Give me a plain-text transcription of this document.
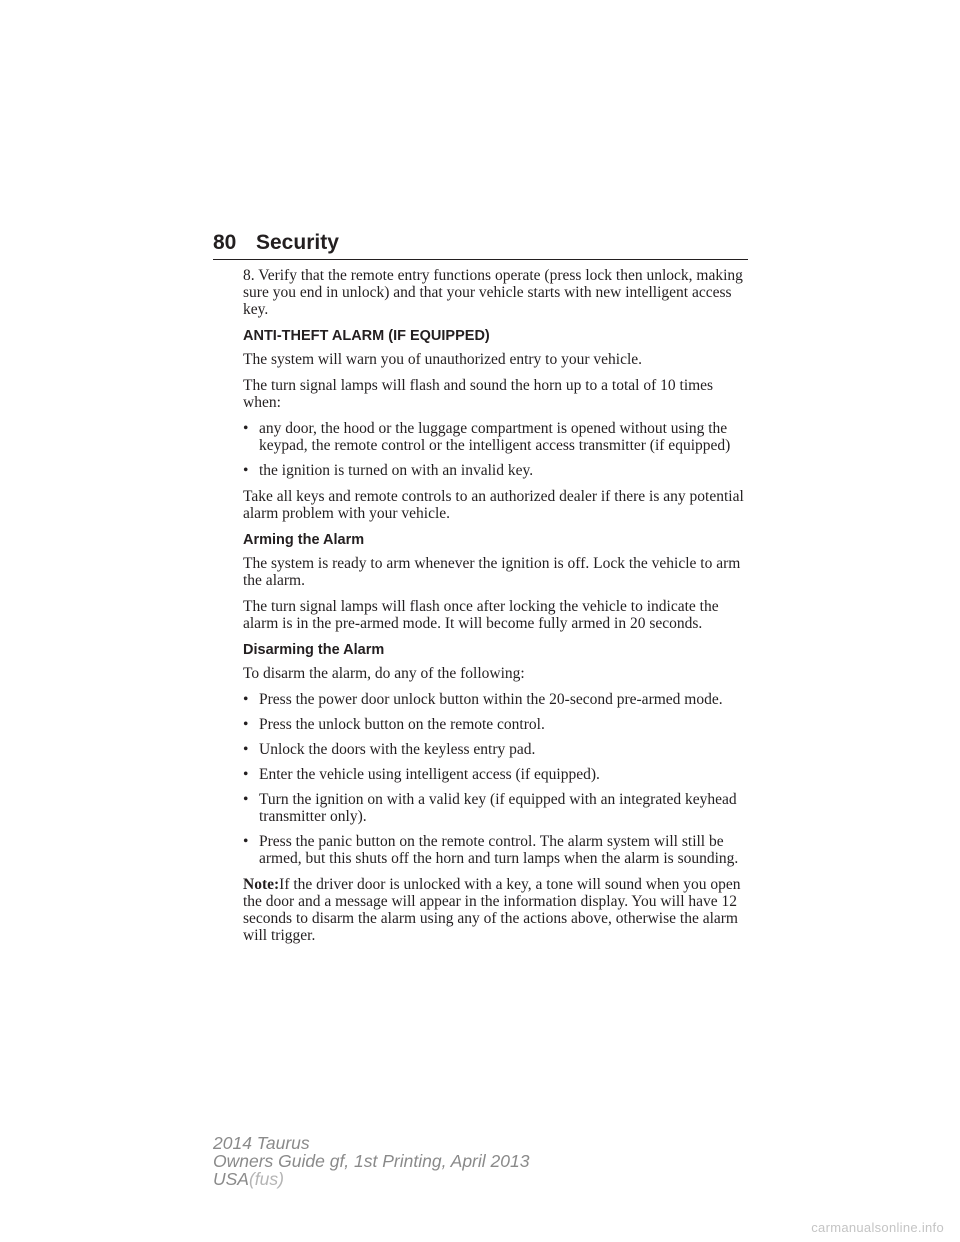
80 Security

8. Verify that the remote entry functions operate (press lock then unlock, making sure you end in unlock) and that your vehicle starts with new intelligent access key.

ANTI-THEFT ALARM (IF EQUIPPED)

The system will warn you of unauthorized entry to your vehicle.

The turn signal lamps will flash and sound the horn up to a total of 10 times when:

• any door, the hood or the luggage compartment is opened without using the keypad, the remote control or the intelligent access transmitter (if equipped)
• the ignition is turned on with an invalid key.

Take all keys and remote controls to an authorized dealer if there is any potential alarm problem with your vehicle.

Arming the Alarm

The system is ready to arm whenever the ignition is off. Lock the vehicle to arm the alarm.

The turn signal lamps will flash once after locking the vehicle to indicate the alarm is in the pre-armed mode. It will become fully armed in 20 seconds.

Disarming the Alarm

To disarm the alarm, do any of the following:

• Press the power door unlock button within the 20-second pre-armed mode.
• Press the unlock button on the remote control.
• Unlock the doors with the keyless entry pad.
• Enter the vehicle using intelligent access (if equipped).
• Turn the ignition on with a valid key (if equipped with an integrated keyhead transmitter only).
• Press the panic button on the remote control. The alarm system will still be armed, but this shuts off the horn and turn lamps when the alarm is sounding.

Note:If the driver door is unlocked with a key, a tone will sound when you open the door and a message will appear in the information display. You will have 12 seconds to disarm the alarm using any of the actions above, otherwise the alarm will trigger.

2014 Taurus
Owners Guide gf, 1st Printing, April 2013
USA(fus)
carmanualsonline.info
